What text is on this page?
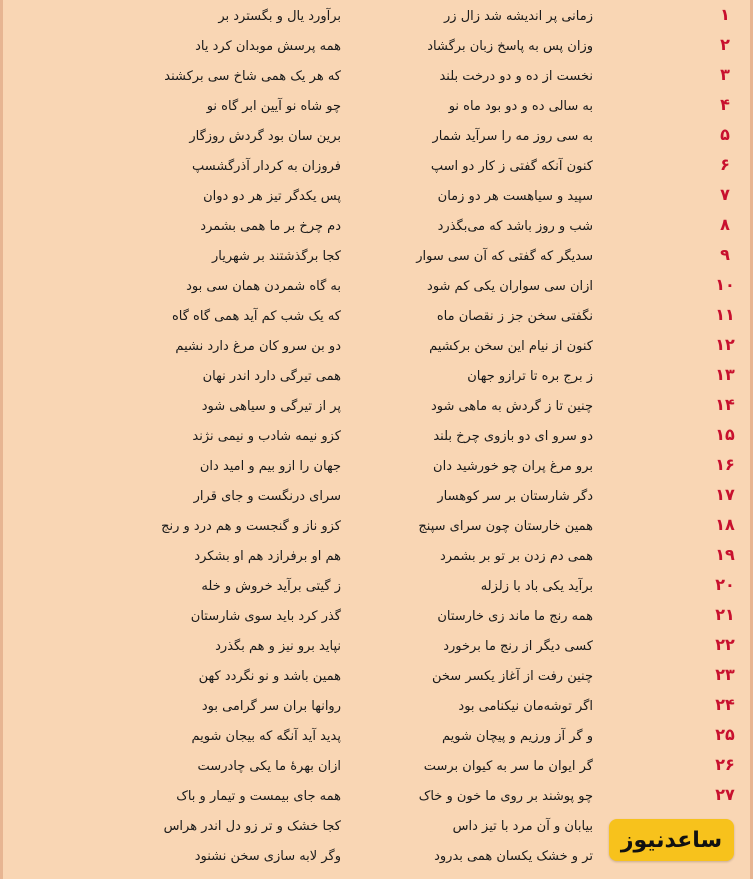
۱
زمانی پر اندیشه شد زال زر
برآورد یال و بگسترد بر
۲
وزان پس به پاسخ زبان برگشاد
همه پرسش موبدان کرد یاد
۳
نخست از ده و دو درخت بلند
که هر یک همی شاخ سی برکشند
۴
به سالی ده و دو بود ماه نو
چو شاه نو آیین ابر گاه نو
۵
به سی روز مه را سرآید شمار
برین سان بود گردش روزگار
۶
کنون آنکه گفتی ز کار دو اسپ
فروزان به کردار آذرگشسپ
۷
سپید و سیاهست هر دو زمان
پس یکدگر تیز هر دو دوان
۸
شب و روز باشد که می‌بگذرد
دم چرخ بر ما همی بشمرد
۹
سدیگر که گفتی که آن سی سوار
کجا برگذشتند بر شهریار
۱۰
ازان سی سواران یکی کم شود
به گاه شمردن همان سی بود
۱۱
نگفتی سخن جز ز نقصان ماه
که یک شب کم آید همی گاه گاه
۱۲
کنون از نیام این سخن برکشیم
دو بن سرو کان مرغ دارد نشیم
۱۳
ز برج بره تا ترازو جهان
همی تیرگی دارد اندر نهان
۱۴
چنین تا ز گردش به ماهی شود
پر از تیرگی و سیاهی شود
۱۵
دو سرو ای دو بازوی چرخ بلند
کزو نیمه شادب و نیمی نژند
۱۶
برو مرغ پران چو خورشید دان
جهان را ازو بیم و امید دان
۱۷
دگر شارستان بر سر کوهسار
سرای درنگست و جای قرار
۱۸
همین خارستان چون سرای سپنج
کزو ناز و گنجست و هم درد و رنج
۱۹
همی دم زدن بر تو بر بشمرد
هم او برفرازد هم او بشکرد
۲۰
برآید یکی باد با زلزله
ز گیتی برآید خروش و خله
۲۱
همه رنج ما ماند زی خارستان
گذر کرد باید سوی شارستان
۲۲
کسی دیگر از رنج ما برخورد
نپاید برو نیز و هم بگذرد
۲۳
چنین رفت از آغاز یکسر سخن
همین باشد و نو نگردد کهن
۲۴
اگر توشه‌مان نیکنامی بود
روانها بران سر گرامی بود
۲۵
و گر آز ورزیم و پیچان شویم
پدید آید آنگه که بیجان شویم
۲۶
گر ایوان ما سر به کیوان برست
ازان بهرهٔ ما یکی چادرست
۲۷
چو پوشند بر روی ما خون و خاک
همه جای بیمست و تیمار و باک
بیابان و آن مرد با تیز داس
کجا خشک و تر زو دل اندر هراس
تر و خشک یکسان همی بدرود
وگر لابه سازی سخن نشنود
ساعدنیوز
